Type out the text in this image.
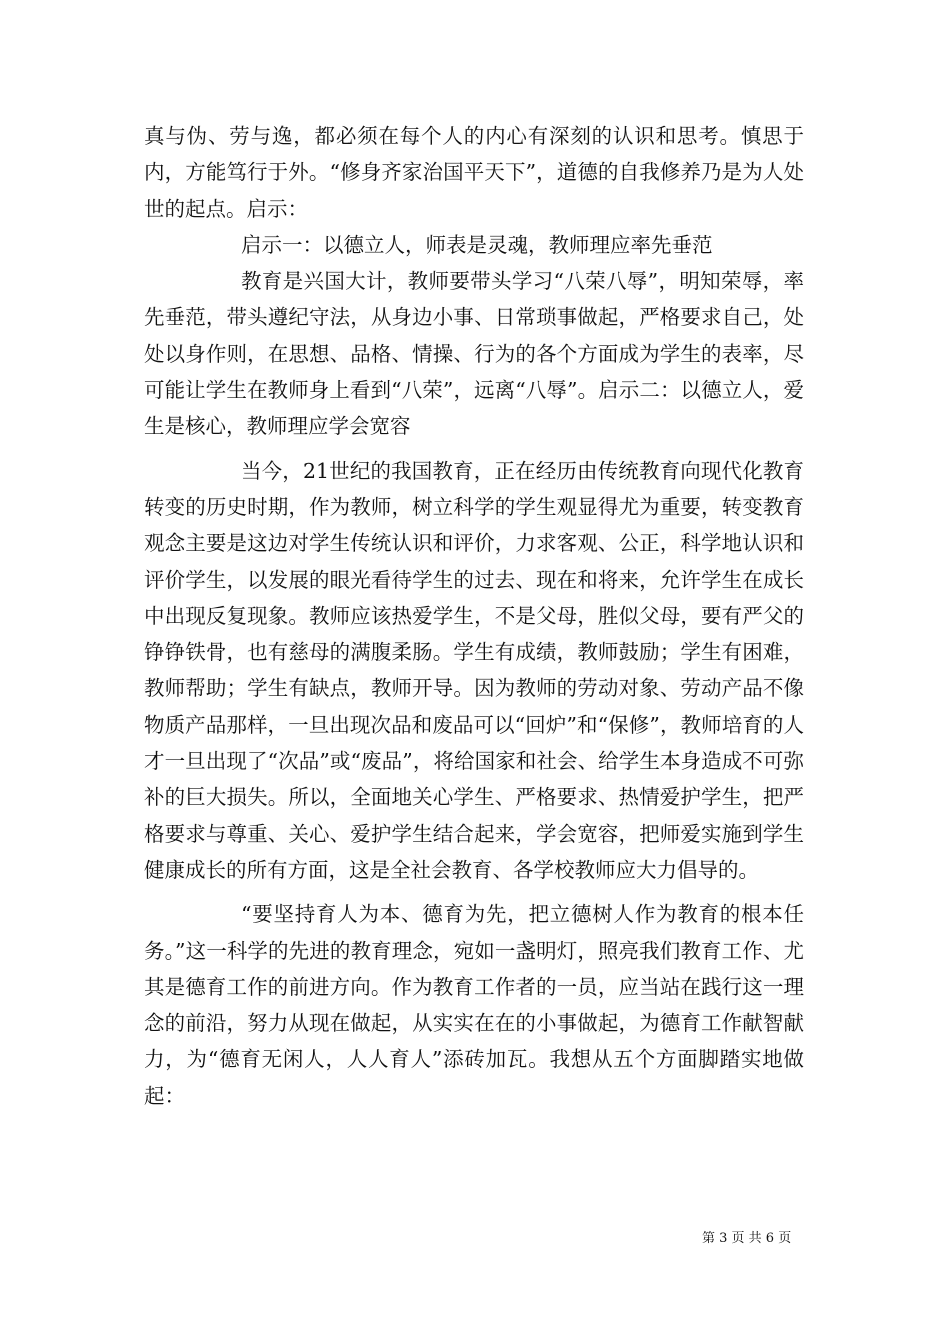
真与伪、劳与逸，都必须在每个人的内心有深刻的认识和思考。慎思于内，方能笃行于外。“修身齐家治国平天下”，道德的自我修养乃是为人处世的起点。启示：

启示一：以德立人，师表是灵魂，教师理应率先垂范

教育是兴国大计，教师要带头学习“八荣八辱”，明知荣辱，率先垂范，带头遵纪守法，从身边小事、日常琐事做起，严格要求自己，处处以身作则，在思想、品格、情操、行为的各个方面成为学生的表率，尽可能让学生在教师身上看到“八荣”，远离“八辱”。启示二：以德立人，爱生是核心，教师理应学会宽容

当今，21世纪的我国教育，正在经历由传统教育向现代化教育转变的历史时期，作为教师，树立科学的学生观显得尤为重要，转变教育观念主要是这边对学生传统认识和评价，力求客观、公正，科学地认识和评价学生，以发展的眼光看待学生的过去、现在和将来，允许学生在成长中出现反复现象。教师应该热爱学生，不是父母，胜似父母，要有严父的铮铮铁骨，也有慈母的满腹柔肠。学生有成绩，教师鼓励；学生有困难，教师帮助；学生有缺点，教师开导。因为教师的劳动对象、劳动产品不像物质产品那样，一旦出现次品和废品可以“回炉”和“保修”，教师培育的人才一旦出现了“次品”或“废品”，将给国家和社会、给学生本身造成不可弥补的巨大损失。所以，全面地关心学生、严格要求、热情爱护学生，把严格要求与尊重、关心、爱护学生结合起来，学会宽容，把师爱实施到学生健康成长的所有方面，这是全社会教育、各学校教师应大力倡导的。

“要坚持育人为本、德育为先，把立德树人作为教育的根本任务。”这一科学的先进的教育理念，宛如一盏明灯，照亮我们教育工作、尤其是德育工作的前进方向。作为教育工作者的一员，应当站在践行这一理念的前沿，努力从现在做起，从实实在在的小事做起，为德育工作献智献力，为“德育无闲人，人人育人”添砖加瓦。我想从五个方面脚踏实地做起：

第 3 页 共 6 页
